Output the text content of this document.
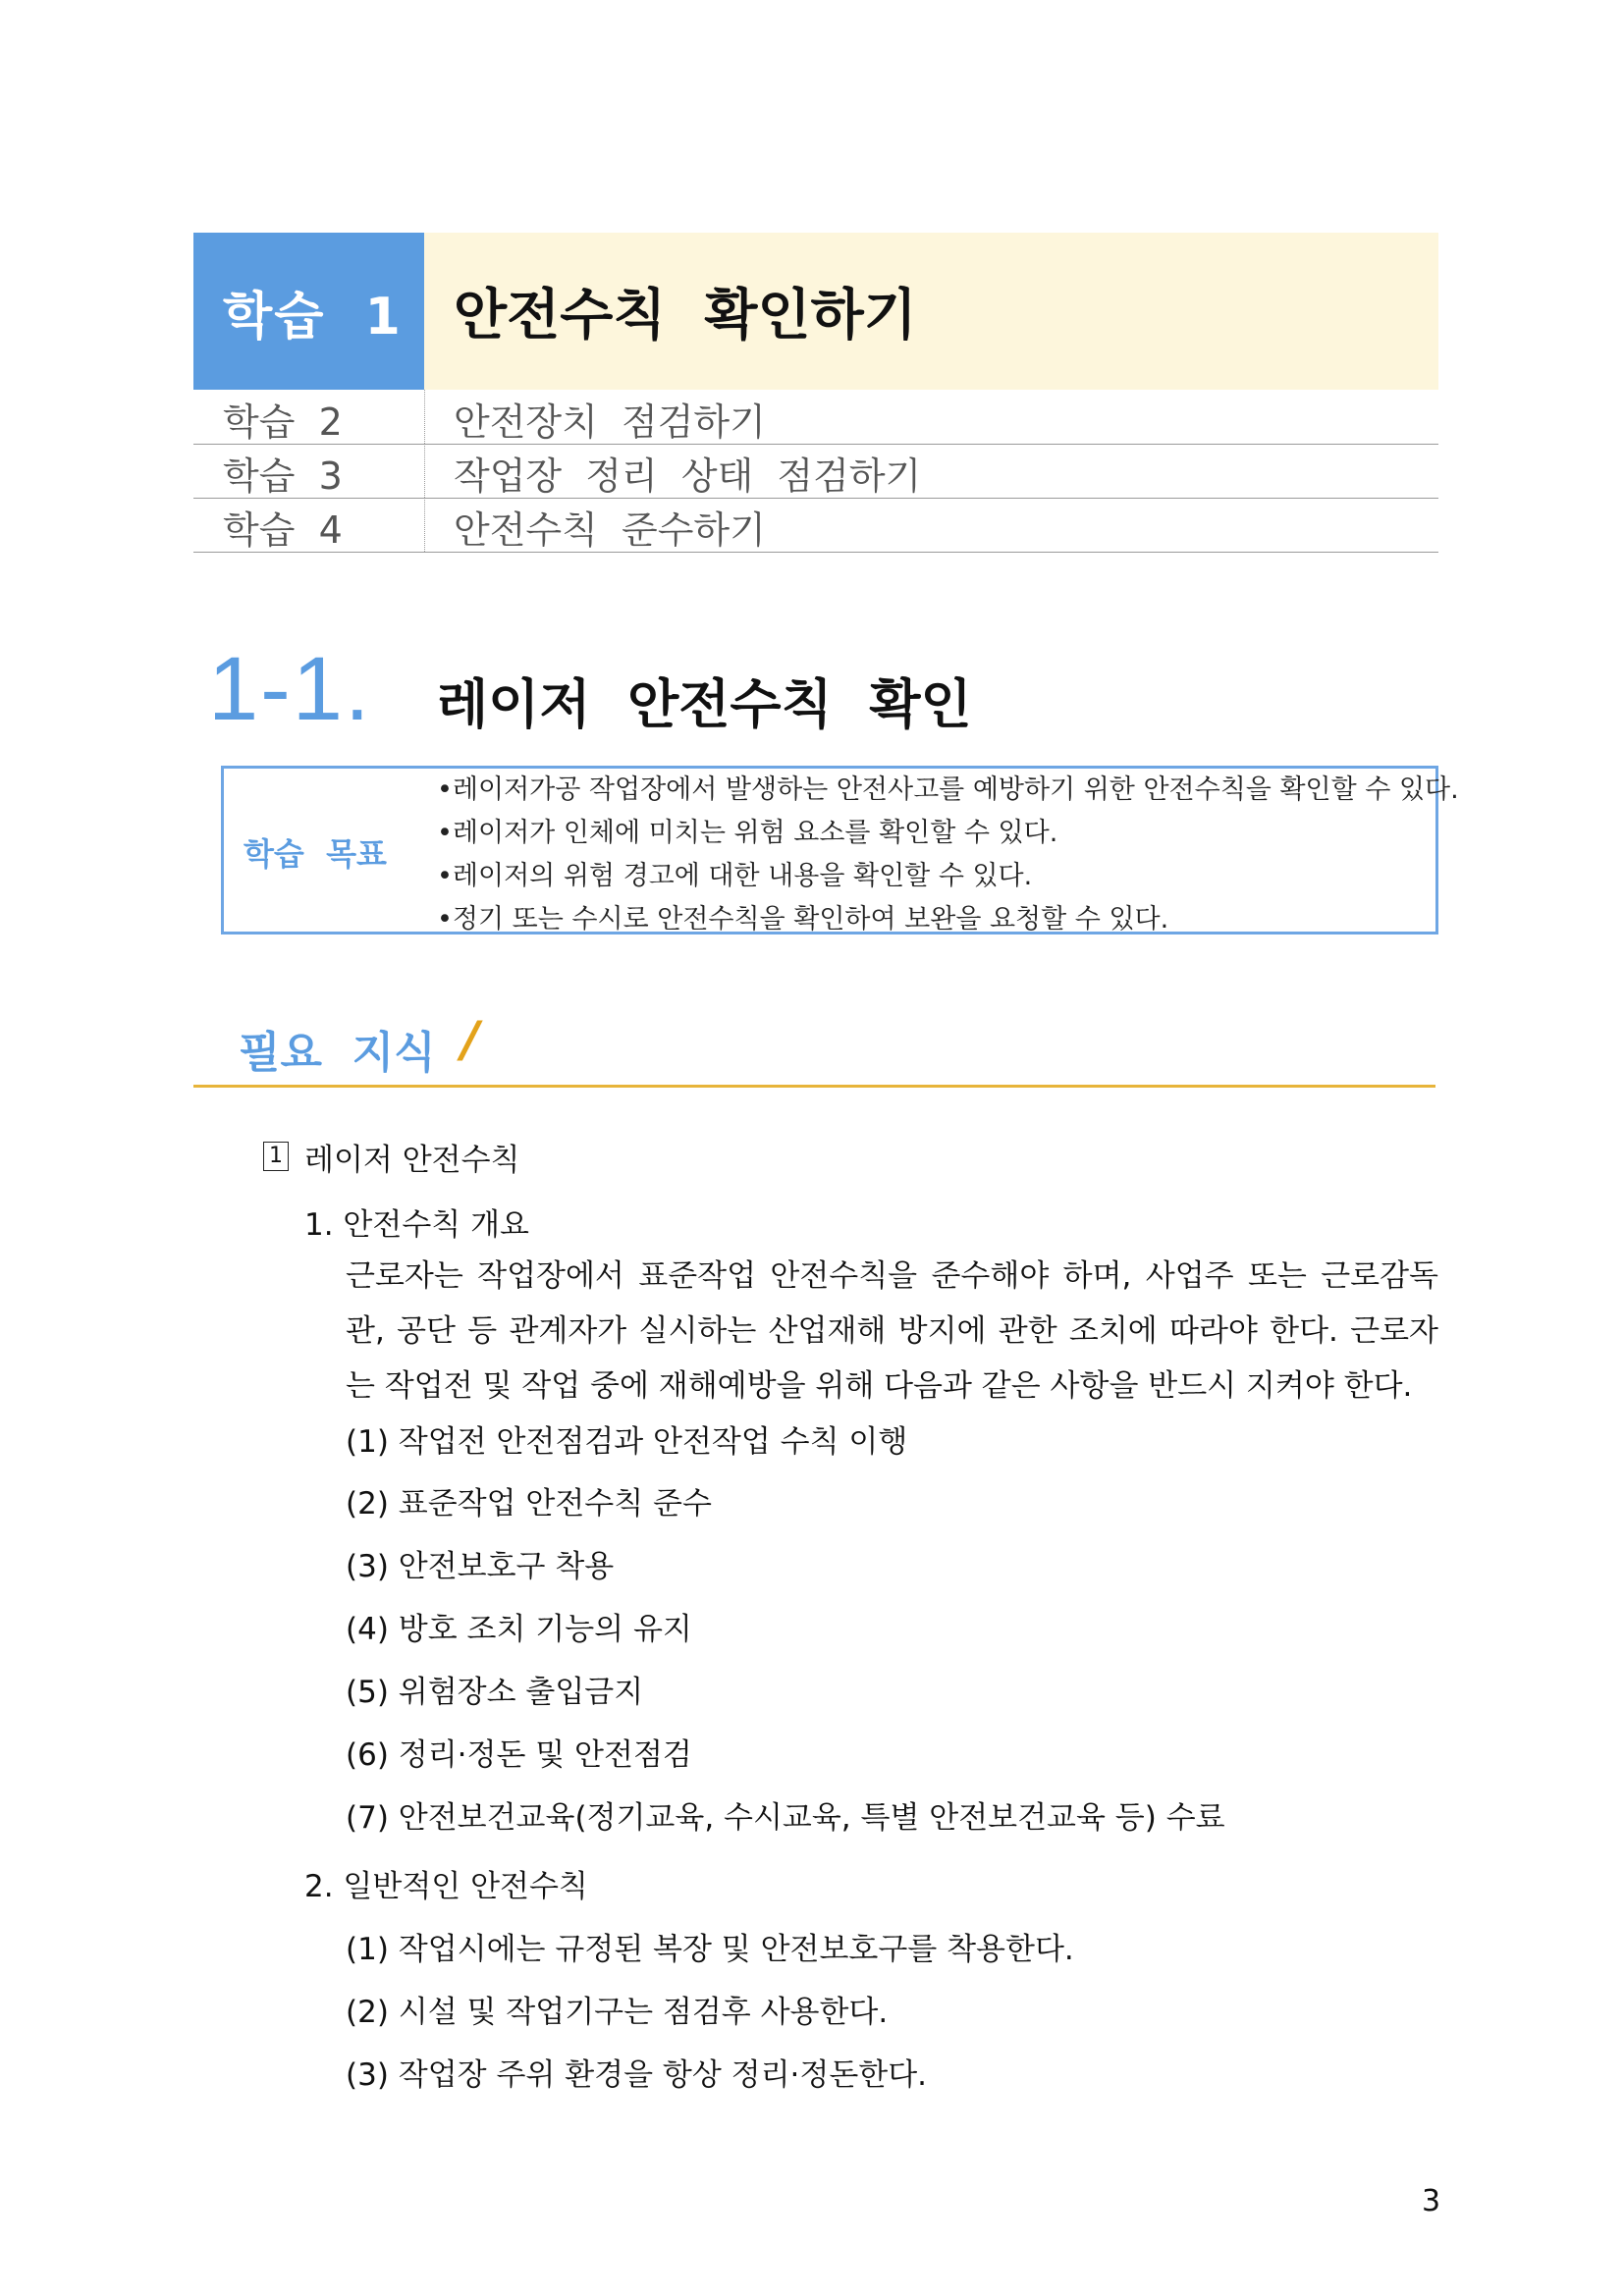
학습  1 안전수칙  확인하기
학습  2	안전장치  점검하기
학습  3	작업장  정리  상태  점검하기
학습  4	안전수칙  준수하기
1-1. 레이저  안전수칙  확인
학습  목표
•레이저가공 작업장에서 발생하는 안전사고를 예방하기 위한 안전수칙을 확인할 수 있다.
•레이저가 인체에 미치는 위험 요소를 확인할 수 있다.
•레이저의 위험 경고에 대한 내용을 확인할 수 있다.
•정기 또는 수시로 안전수칙을 확인하여 보완을 요청할 수 있다.
필요  지식 /
1 레이저 안전수칙
1. 안전수칙 개요

근로자는 작업장에서 표준작업 안전수칙을 준수해야 하며, 사업주 또는 근로감독관, 공단 등 관계자가 실시하는 산업재해 방지에 관한 조치에 따라야 한다. 근로자는 작업전 및 작업 중에 재해예방을 위해 다음과 같은 사항을 반드시 지켜야 한다.

(1) 작업전 안전점검과 안전작업 수칙 이행
(2) 표준작업 안전수칙 준수
(3) 안전보호구 착용
(4) 방호 조치 기능의 유지
(5) 위험장소 출입금지
(6) 정리·정돈 및 안전점검
(7) 안전보건교육(정기교육, 수시교육, 특별 안전보건교육 등) 수료
2. 일반적인 안전수칙
(1) 작업시에는 규정된 복장 및 안전보호구를 착용한다.
(2) 시설 및 작업기구는 점검후 사용한다.
(3) 작업장 주위 환경을 항상 정리·정돈한다.
3
